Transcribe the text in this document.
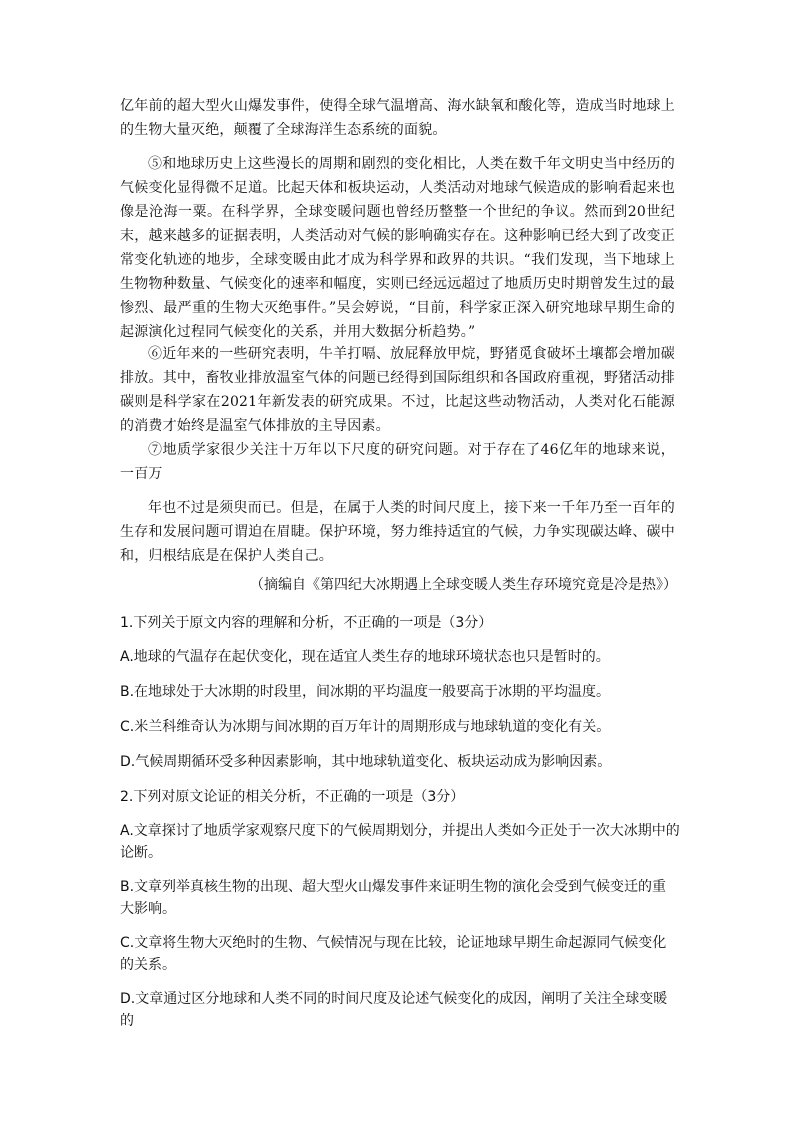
亿年前的超大型火山爆发事件，使得全球气温增高、海水缺氧和酸化等，造成当时地球上的生物大量灭绝，颠覆了全球海洋生态系统的面貌。

⑤和地球历史上这些漫长的周期和剧烈的变化相比，人类在数千年文明史当中经历的气候变化显得微不足道。比起天体和板块运动，人类活动对地球气候造成的影响看起来也像是沧海一粟。在科学界，全球变暖问题也曾经历整整一个世纪的争议。然而到20世纪末，越来越多的证据表明，人类活动对气候的影响确实存在。这种影响已经大到了改变正常变化轨迹的地步，全球变暖由此才成为科学界和政界的共识。“我们发现，当下地球上生物物种数量、气候变化的速率和幅度，实则已经远远超过了地质历史时期曾发生过的最惨烈、最严重的生物大灭绝事件。”吴会婷说，“目前，科学家正深入研究地球早期生命的起源演化过程同气候变化的关系，并用大数据分析趋势。”

⑥近年来的一些研究表明，牛羊打嗝、放屁释放甲烷，野猪觅食破坏土壤都会增加碳排放。其中，畜牧业排放温室气体的问题已经得到国际组织和各国政府重视，野猪活动排碳则是科学家在2021年新发表的研究成果。不过，比起这些动物活动，人类对化石能源的消费才始终是温室气体排放的主导因素。

⑦地质学家很少关注十万年以下尺度的研究问题。对于存在了46亿年的地球来说，一百万

年也不过是须臾而已。但是，在属于人类的时间尺度上，接下来一千年乃至一百年的生存和发展问题可谓迫在眉睫。保护环境，努力维持适宜的气候，力争实现碳达峰、碳中和，归根结底是在保护人类自己。

（摘编自《第四纪大冰期遇上全球变暖人类生存环境究竟是冷是热》）

1.下列关于原文内容的理解和分析，不正确的一项是（3分）

A.地球的气温存在起伏变化，现在适宜人类生存的地球环境状态也只是暂时的。

B.在地球处于大冰期的时段里，间冰期的平均温度一般要高于冰期的平均温度。

C.米兰科维奇认为冰期与间冰期的百万年计的周期形成与地球轨道的变化有关。

D.气候周期循环受多种因素影响，其中地球轨道变化、板块运动成为影响因素。

2.下列对原文论证的相关分析，不正确的一项是（3分）

A.文章探讨了地质学家观察尺度下的气候周期划分，并提出人类如今正处于一次大冰期中的论断。

B.文章列举真核生物的出现、超大型火山爆发事件来证明生物的演化会受到气候变迁的重大影响。

C.文章将生物大灭绝时的生物、气候情况与现在比较，论证地球早期生命起源同气候变化的关系。

D.文章通过区分地球和人类不同的时间尺度及论述气候变化的成因，阐明了关注全球变暖的
